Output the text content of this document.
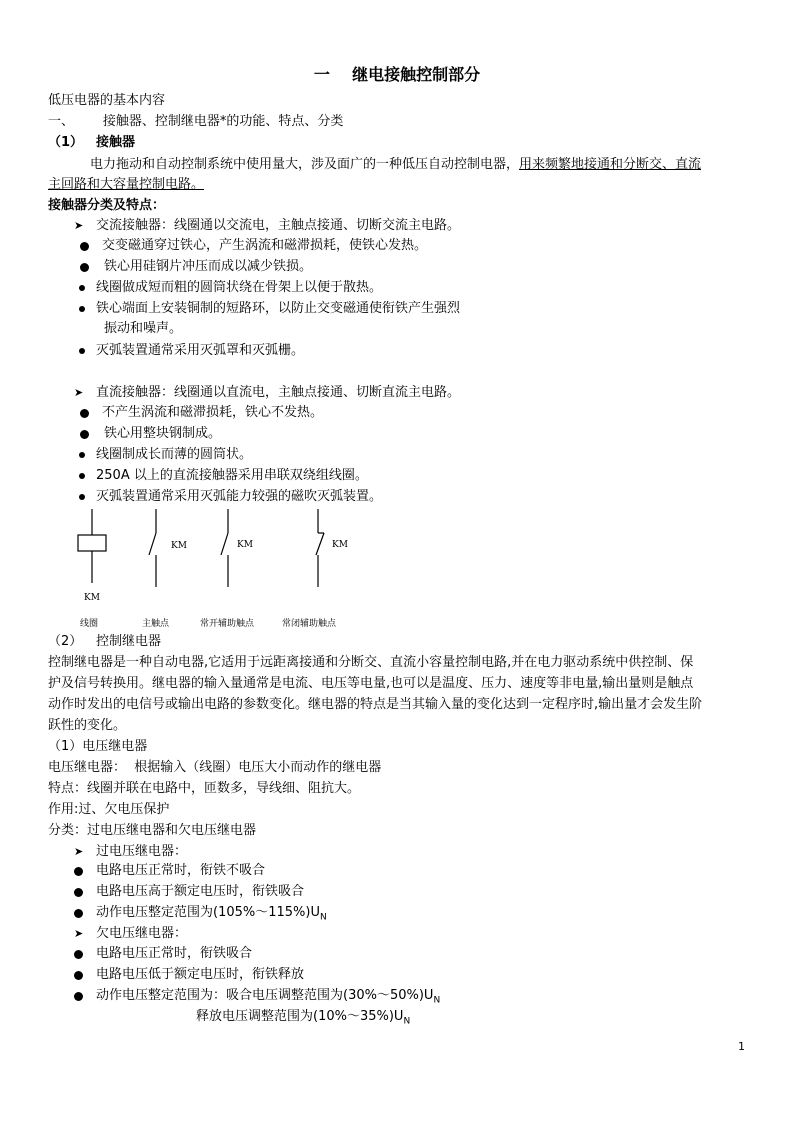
一    继电接触控制部分
低压电器的基本内容
一、       接触器、控制继电器*的功能、特点、分类
（1） 接触器
电力拖动和自动控制系统中使用量大，涉及面广的一种低压自动控制电器，用来频繁地接通和分断交、直流
主回路和大容量控制电路。
接触器分类及特点：
➤ 交流接触器：线圈通以交流电，主触点接通、切断交流主电路。
交变磁通穿过铁心，产生涡流和磁滞损耗，使铁心发热。
铁心用硅钢片冲压而成以减少铁损。
线圈做成短而粗的圆筒状绕在骨架上以便于散热。
铁心端面上安装铜制的短路环，以防止交变磁通使衔铁产生强烈
振动和噪声。
灭弧装置通常采用灭弧罩和灭弧栅。
➤ 直流接触器：线圈通以直流电，主触点接通、切断直流主电路。
不产生涡流和磁滞损耗，铁心不发热。
铁心用整块钢制成。
线圈制成长而薄的圆筒状。
250A 以上的直流接触器采用串联双绕组线圈。
灭弧装置通常采用灭弧能力较强的磁吹灭弧装置。
KM
KM	KM	KM
线圈	主触点	常开辅助触点	常闭辅助触点
（2） 控制继电器
控制继电器是一种自动电器,它适用于远距离接通和分断交、直流小容量控制电路,并在电力驱动系统中供控制、保
护及信号转换用。继电器的输入量通常是电流、电压等电量,也可以是温度、压力、速度等非电量,输出量则是触点
动作时发出的电信号或输出电路的参数变化。继电器的特点是当其输入量的变化达到一定程序时,输出量才会发生阶
跃性的变化。
（1）电压继电器
电压继电器：  根据输入（线圈）电压大小而动作的继电器
特点：线圈并联在电路中，匝数多，导线细、阻抗大。
作用:过、欠电压保护
分类：过电压继电器和欠电压继电器
➤ 过电压继电器：
电路电压正常时，衔铁不吸合
电路电压高于额定电压时，衔铁吸合
动作电压整定范围为$(105\%\sim 115\%)U_N$
➤ 欠电压继电器：
电路电压正常时，衔铁吸合
电路电压低于额定电压时，衔铁释放
动作电压整定范围为：吸合电压调整范围为$(30\%\sim 50\%)U_N$
释放电压调整范围为$(10\%\sim 35\%)U_N$
1
